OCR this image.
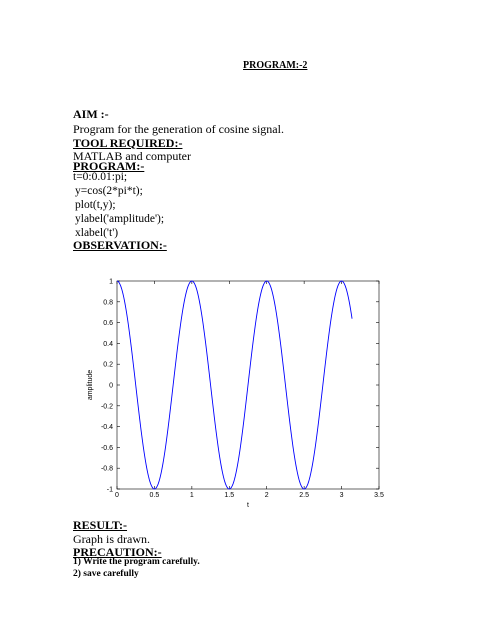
PROGRAM:-2

AIM :-

Program for the generation of cosine signal.

TOOL REQUIRED:-

MATLAB and computer

PROGRAM:-

t=0:0.01:pi;
y=cos(2*pi*t);
plot(t,y);
ylabel('amplitude');
xlabel('t')

OBSERVATION:-

0	0.5	1	1.5	2	2.5	3	3.5
-1
-0.8
-0.6
-0.4
-0.2
0
0.2
0.4
0.6
0.8
1
t
amplitude

RESULT:-

Graph is drawn.

PRECAUTION:-

1) Write the program carefully.

2) save carefully
